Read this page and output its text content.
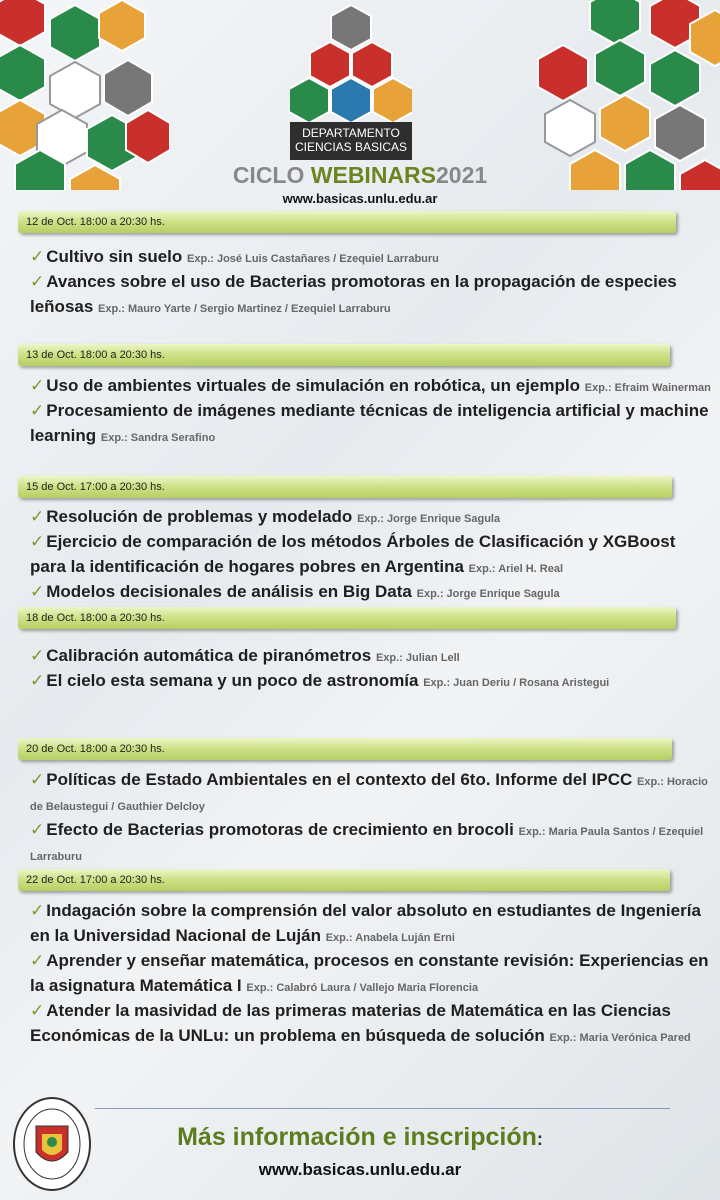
DEPARTAMENTO
CIENCIAS BASICAS
CICLO WEBINARS2021
www.basicas.unlu.edu.ar
12 de Oct. 18:00 a 20:30 hs.
✓ Cultivo sin suelo Exp.: José Luis Castañares / Ezequiel Larraburu
✓ Avances sobre el uso de Bacterias promotoras en la propagación de especies leñosas Exp.: Mauro Yarte / Sergio Martinez / Ezequiel Larraburu
13 de Oct. 18:00 a 20:30 hs.
✓ Uso de ambientes virtuales de simulación en robótica, un ejemplo Exp.: Efraim Wainerman
✓ Procesamiento de imágenes mediante técnicas de inteligencia artificial y machine learning Exp.: Sandra Serafino
15 de Oct. 17:00 a 20:30 hs.
✓ Resolución de problemas y modelado Exp.: Jorge Enrique Sagula
✓ Ejercicio de comparación de los métodos Árboles de Clasificación y XGBoost para la identificación de hogares pobres en Argentina Exp.: Ariel H. Real
✓ Modelos decisionales de análisis en Big Data Exp.: Jorge Enrique Sagula
18 de Oct. 18:00 a 20:30 hs.
✓ Calibración automática de piranómetros Exp.: Julian Lell
✓ El cielo esta semana y un poco de astronomía Exp.: Juan Deriu / Rosana Aristegui
20 de Oct. 18:00 a 20:30 hs.
✓ Políticas de Estado Ambientales en el contexto del 6to. Informe del IPCC Exp.: Horacio de Belaustegui / Gauthier Delcloy
✓ Efecto de Bacterias promotoras de crecimiento en brocoli Exp.: Maria Paula Santos / Ezequiel Larraburu
22 de Oct. 17:00 a 20:30 hs.
✓ Indagación sobre la comprensión del valor absoluto en estudiantes de Ingeniería en la Universidad Nacional de Luján Exp.: Anabela Luján Erni
✓ Aprender y enseñar matemática, procesos en constante revisión: Experiencias en la asignatura Matemática I Exp.: Calabró Laura / Vallejo Maria Florencia
✓ Atender la masividad de las primeras materias de Matemática en las Ciencias Económicas de la UNLu: un problema en búsqueda de solución Exp.: Maria Verónica Pared
Más información e inscripción:
www.basicas.unlu.edu.ar
